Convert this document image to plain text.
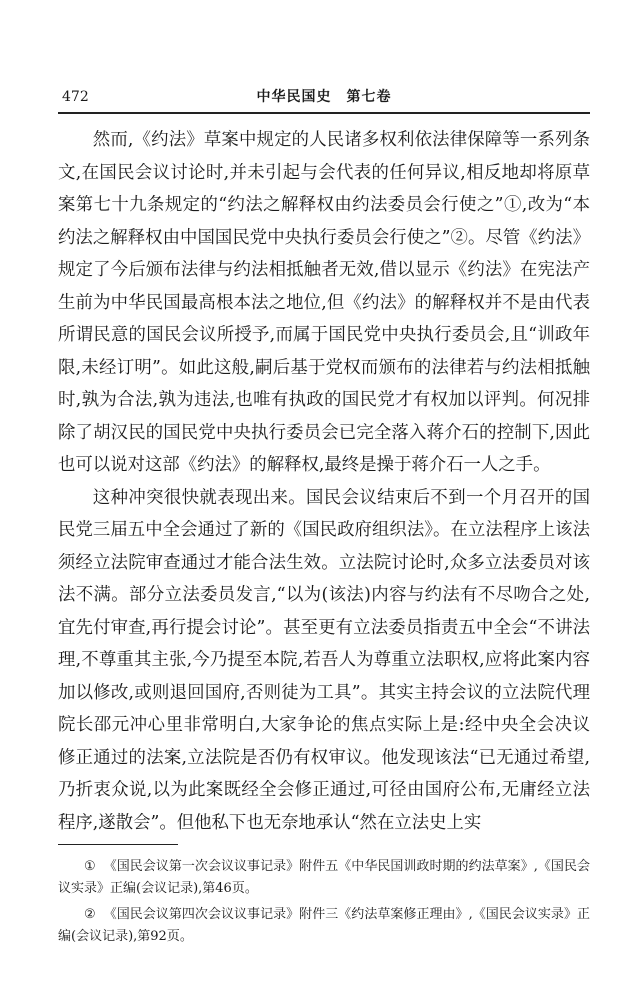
472	中华民国史　第七卷

然而,《约法》草案中规定的人民诸多权利依法律保障等一系列条文,在国民会议讨论时,并未引起与会代表的任何异议,相反地却将原草案第七十九条规定的“约法之解释权由约法委员会行使之”①,改为“本约法之解释权由中国国民党中央执行委员会行使之”②。尽管《约法》规定了今后颁布法律与约法相抵触者无效,借以显示《约法》在宪法产生前为中华民国最高根本法之地位,但《约法》的解释权并不是由代表所谓民意的国民会议所授予,而属于国民党中央执行委员会,且“训政年限,未经订明”。如此这般,嗣后基于党权而颁布的法律若与约法相抵触时,孰为合法,孰为违法,也唯有执政的国民党才有权加以评判。何况排除了胡汉民的国民党中央执行委员会已完全落入蒋介石的控制下,因此也可以说对这部《约法》的解释权,最终是操于蒋介石一人之手。

这种冲突很快就表现出来。国民会议结束后不到一个月召开的国民党三届五中全会通过了新的《国民政府组织法》。在立法程序上该法须经立法院审查通过才能合法生效。立法院讨论时,众多立法委员对该法不满。部分立法委员发言,“以为(该法)内容与约法有不尽吻合之处,宜先付审查,再行提会讨论”。甚至更有立法委员指责五中全会“不讲法理,不尊重其主张,今乃提至本院,若吾人为尊重立法职权,应将此案内容加以修改,或则退回国府,否则徒为工具”。其实主持会议的立法院代理院长邵元冲心里非常明白,大家争论的焦点实际上是:经中央全会决议修正通过的法案,立法院是否仍有权审议。他发现该法“已无通过希望,乃折衷众说,以为此案既经全会修正通过,可径由国府公布,无庸经立法程序,遂散会”。但他私下也无奈地承认“然在立法史上实

① 《国民会议第一次会议议事记录》附件五《中华民国训政时期的约法草案》,《国民会议实录》正编(会议记录),第46页。

② 《国民会议第四次会议议事记录》附件三《约法草案修正理由》,《国民会议实录》正编(会议记录),第92页。
